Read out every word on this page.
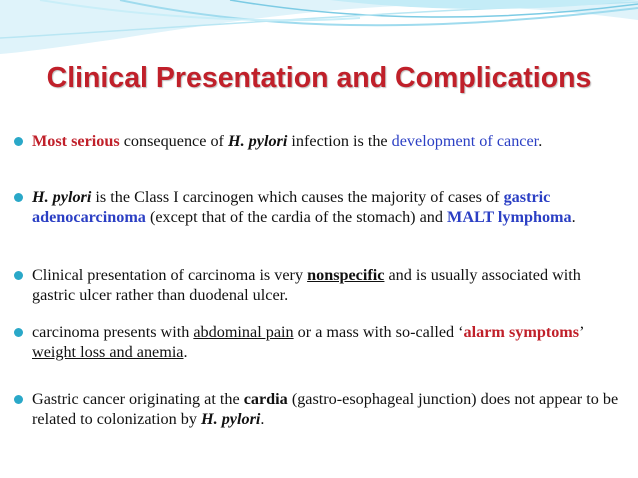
Clinical Presentation and Complications
Most serious consequence of H. pylori infection is the development of cancer.
H. pylori is the Class I carcinogen which causes the majority of cases of gastric adenocarcinoma (except that of the cardia of the stomach) and MALT lymphoma.
Clinical presentation of carcinoma is very nonspecific and is usually associated with gastric ulcer rather than duodenal ulcer.
carcinoma presents with abdominal pain or a mass with so-called ‘alarm symptoms’ weight loss and anemia.
Gastric cancer originating at the cardia (gastro-esophageal junction) does not appear to be related to colonization by H. pylori.
